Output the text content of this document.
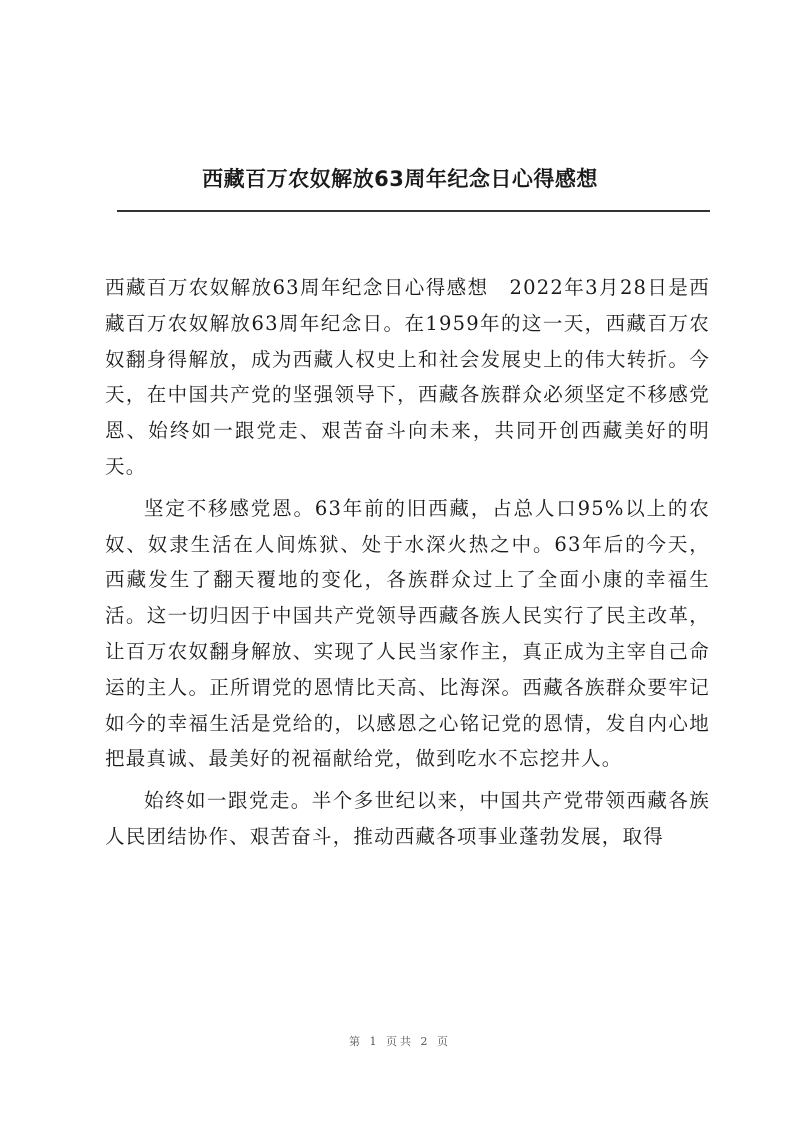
西藏百万农奴解放63周年纪念日心得感想

西藏百万农奴解放63周年纪念日心得感想　2022年3月28日是西藏百万农奴解放63周年纪念日。在1959年的这一天，西藏百万农奴翻身得解放，成为西藏人权史上和社会发展史上的伟大转折。今天，在中国共产党的坚强领导下，西藏各族群众必须坚定不移感党恩、始终如一跟党走、艰苦奋斗向未来，共同开创西藏美好的明天。

坚定不移感党恩。63年前的旧西藏，占总人口95%以上的农奴、奴隶生活在人间炼狱、处于水深火热之中。63年后的今天，西藏发生了翻天覆地的变化，各族群众过上了全面小康的幸福生活。这一切归因于中国共产党领导西藏各族人民实行了民主改革，让百万农奴翻身解放、实现了人民当家作主，真正成为主宰自己命运的主人。正所谓党的恩情比天高、比海深。西藏各族群众要牢记如今的幸福生活是党给的，以感恩之心铭记党的恩情，发自内心地把最真诚、最美好的祝福献给党，做到吃水不忘挖井人。

始终如一跟党走。半个多世纪以来，中国共产党带领西藏各族人民团结协作、艰苦奋斗，推动西藏各项事业蓬勃发展，取得

第 1 页共 2 页
